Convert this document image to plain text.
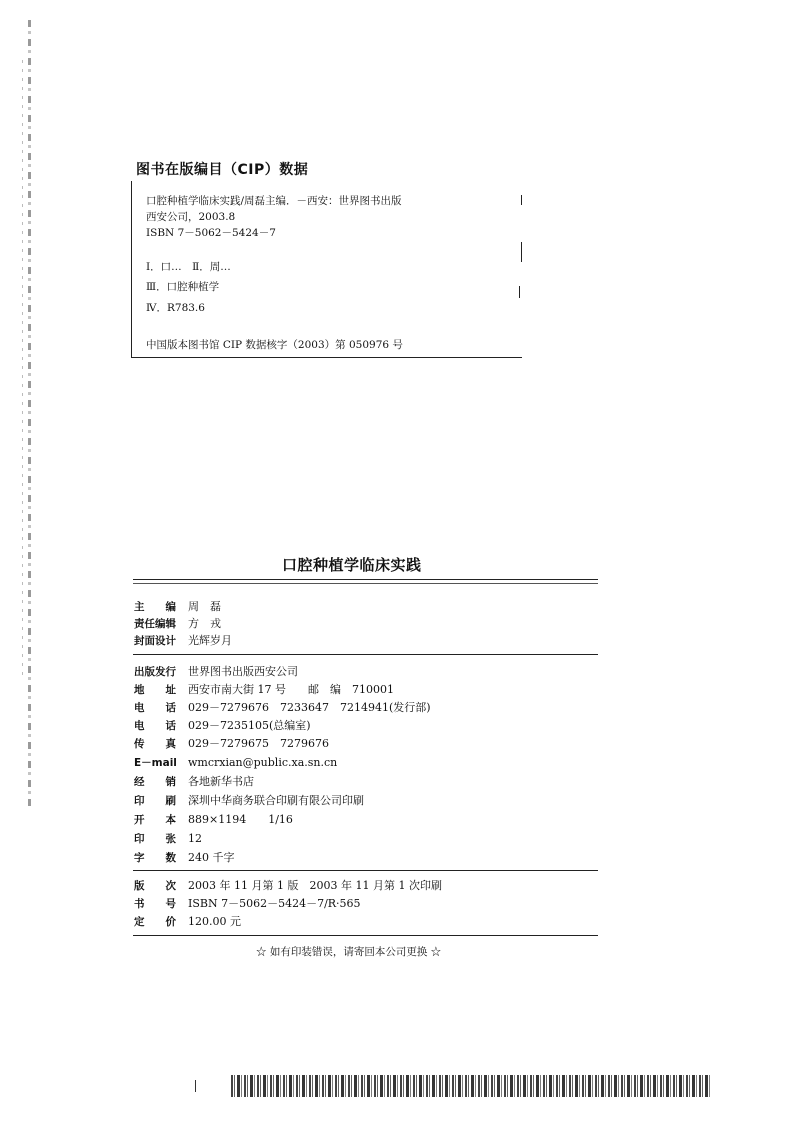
图书在版编目（CIP）数据
口腔种植学临床实践/周磊主编．－西安：世界图书出版
西安公司，2003.8
ISBN 7－5062－5424－7
Ⅰ．口…　Ⅱ．周…
Ⅲ．口腔种植学
Ⅳ．R783.6
中国版本图书馆 CIP 数据核字（2003）第 050976 号
口腔种植学临床实践
主　　编 周　磊
责任编辑 方　戎
封面设计 光辉岁月
出版发行 世界图书出版西安公司
地　　址 西安市南大街 17 号　　邮　编　710001
电　　话 029－7279676　7233647　7214941(发行部)
电　　话 029－7235105(总编室)
传　　真 029－7279675　7279676
E－mail wmcrxian@public.xa.sn.cn
经　　销 各地新华书店
印　　刷 深圳中华商务联合印刷有限公司印刷
开　　本 889×1194　　1/16
印　　张 12
字　　数 240 千字
版　　次 2003 年 11 月第 1 版　2003 年 11 月第 1 次印刷
书　　号 ISBN 7－5062－5424－7/R·565
定　　价 120.00 元
☆ 如有印装错误，请寄回本公司更换 ☆
